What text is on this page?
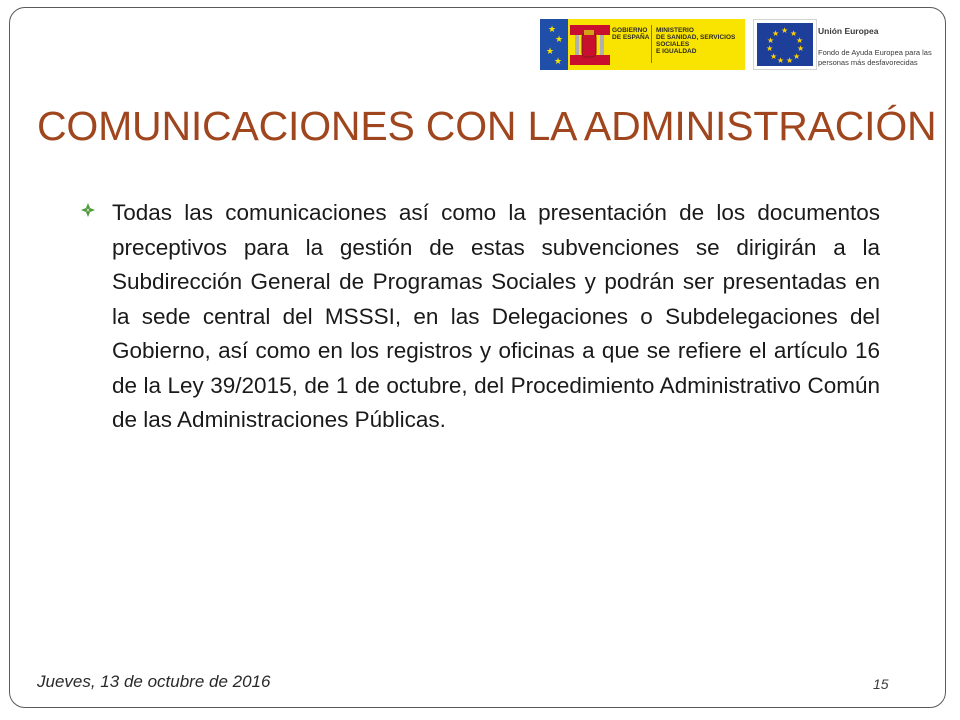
★
★
★
★
GOBIERNO
DE ESPAÑA
MINISTERIO
DE SANIDAD, SERVICIOS SOCIALES
E IGUALDAD
★ ★
★
★
★
★
★
★
★
★
★	Unión Europea
Fondo de Ayuda Europea para las
personas más desfavorecidas
COMUNICACIONES CON LA ADMINISTRACIÓN
Todas las comunicaciones así como la presentación de los documentos preceptivos para la gestión de estas subvenciones se dirigirán a la Subdirección General de Programas Sociales y podrán ser presentadas en la sede central del MSSSI, en las Delegaciones o Subdelegaciones del Gobierno, así como en los registros y oficinas a que se refiere el artículo 16 de la Ley 39/2015, de 1 de octubre, del Procedimiento Administrativo Común de las Administraciones Públicas.
Jueves, 13 de octubre de 2016	15
